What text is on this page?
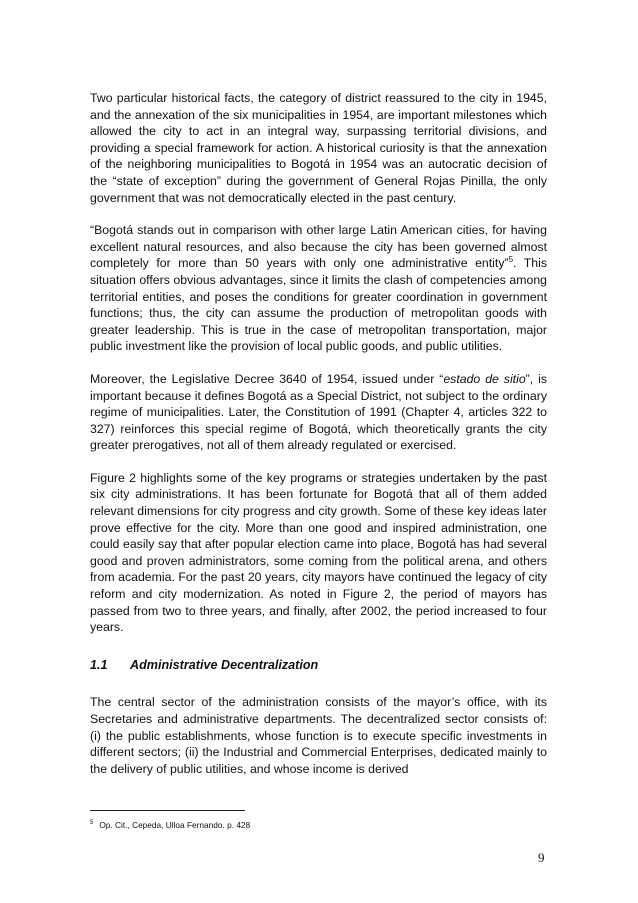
Two particular historical facts, the category of district reassured to the city in 1945, and the annexation of the six municipalities in 1954, are important milestones which allowed the city to act in an integral way, surpassing territorial divisions, and providing a special framework for action. A historical curiosity is that the annexation of the neighboring municipalities to Bogotá in 1954 was an autocratic decision of the “state of exception” during the government of General Rojas Pinilla, the only government that was not democratically elected in the past century.

“Bogotá stands out in comparison with other large Latin American cities, for having excellent natural resources, and also because the city has been governed almost completely for more than 50 years with only one administrative entity”$^5$. This situation offers obvious advantages, since it limits the clash of competencies among territorial entities, and poses the conditions for greater coordination in government functions; thus, the city can assume the production of metropolitan goods with greater leadership. This is true in the case of metropolitan transportation, major public investment like the provision of local public goods, and public utilities.

Moreover, the Legislative Decree 3640 of 1954, issued under “estado de sitio”, is important because it defines Bogotá as a Special District, not subject to the ordinary regime of municipalities. Later, the Constitution of 1991 (Chapter 4, articles 322 to 327) reinforces this special regime of Bogotá, which theoretically grants the city greater prerogatives, not all of them already regulated or exercised.

Figure 2 highlights some of the key programs or strategies undertaken by the past six city administrations. It has been fortunate for Bogotá that all of them added relevant dimensions for city progress and city growth. Some of these key ideas later prove effective for the city. More than one good and inspired administration, one could easily say that after popular election came into place, Bogotá has had several good and proven administrators, some coming from the political arena, and others from academia. For the past 20 years, city mayors have continued the legacy of city reform and city modernization. As noted in Figure 2, the period of mayors has passed from two to three years, and finally, after 2002, the period increased to four years.

1.1 Administrative Decentralization

The central sector of the administration consists of the mayor’s office, with its Secretaries and administrative departments. The decentralized sector consists of: (i) the public establishments, whose function is to execute specific investments in different sectors; (ii) the Industrial and Commercial Enterprises, dedicated mainly to the delivery of public utilities, and whose income is derived

$^5$ Op. Cit., Cepeda, Ulloa Fernando. p. 428
9
